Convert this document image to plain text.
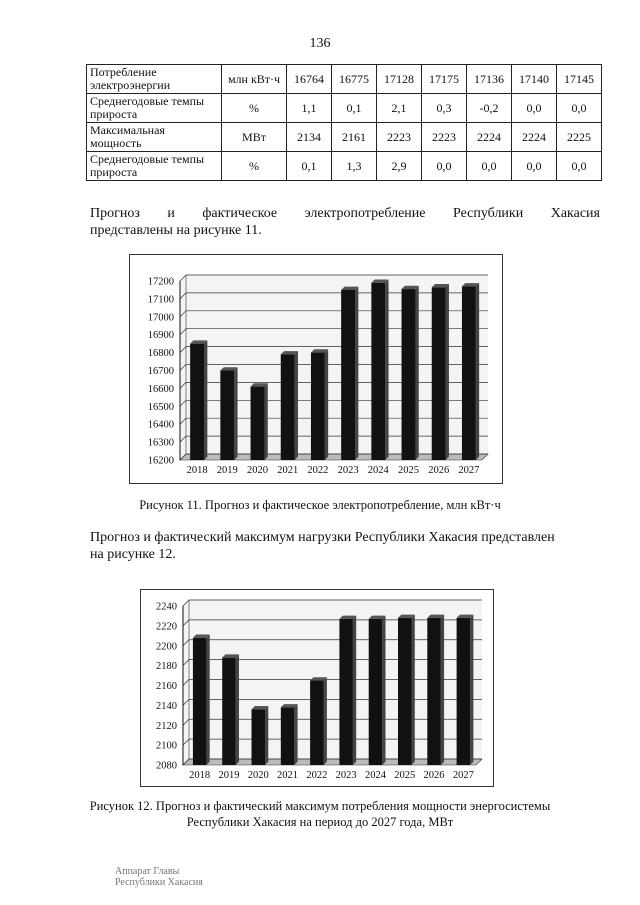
136
Потребление электроэнергии	млн кВт·ч	16764	16775	17128	17175	17136	17140	17145
Среднегодовые темпы прироста	%	1,1	0,1	2,1	0,3	-0,2	0,0	0,0
Максимальная мощность	МВт	2134	2161	2223	2223	2224	2224	2225
Среднегодовые темпы прироста	%	0,1	1,3	2,9	0,0	0,0	0,0	0,0
Прогноз и фактическое электропотребление Республики Хакасия
представлены на рисунке 11.
16200
16300
16400
16500
16600
16700
16800
16900
17000
17100
17200
2018 2019 2020 2021 2022 2023 2024 2025 2026 2027
Рисунок 11. Прогноз и фактическое электропотребление, млн кВт·ч
Прогноз и фактический максимум нагрузки Республики Хакасия представлен
на рисунке 12.
2080
2100
2120
2140
2160
2180
2200
2220
2240
2018 2019 2020 2021 2022 2023 2024 2025 2026 2027
Рисунок 12. Прогноз и фактический максимум потребления мощности энергосистемы
Республики Хакасия на период до 2027 года, МВт
Аппарат Главы
Республики Хакасия
